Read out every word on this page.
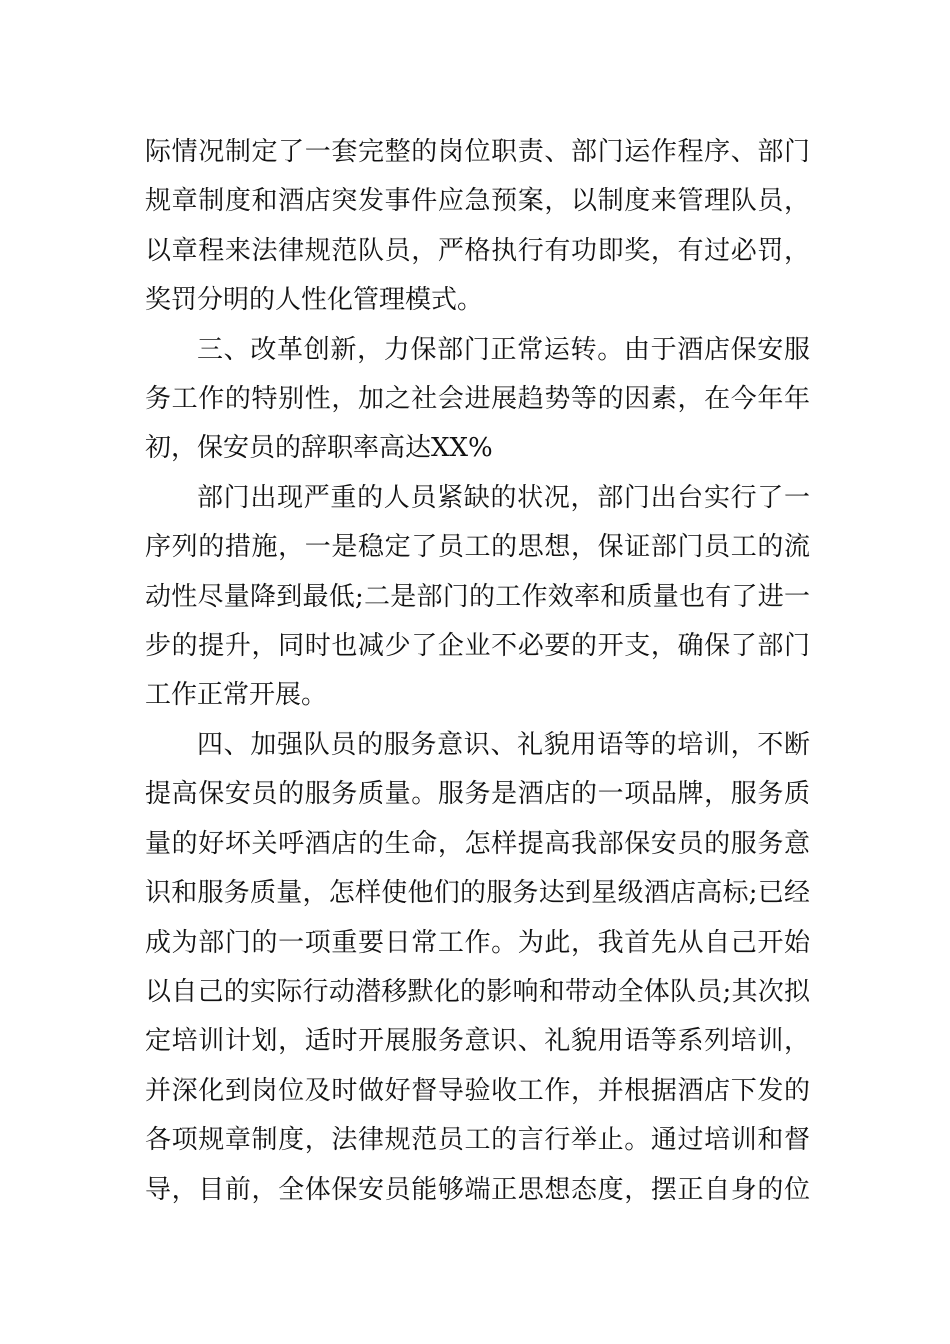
际情况制定了一套完整的岗位职责、部门运作程序、部门
规章制度和酒店突发事件应急预案，以制度来管理队员，
以章程来法律规范队员，严格执行有功即奖，有过必罚，
奖罚分明的人性化管理模式。

三、改革创新，力保部门正常运转。由于酒店保安服
务工作的特别性，加之社会进展趋势等的因素，在今年年
初，保安员的辞职率高达XX%

部门出现严重的人员紧缺的状况，部门出台实行了一
序列的措施，一是稳定了员工的思想，保证部门员工的流
动性尽量降到最低;二是部门的工作效率和质量也有了进一
步的提升，同时也减少了企业不必要的开支，确保了部门
工作正常开展。

四、加强队员的服务意识、礼貌用语等的培训，不断
提高保安员的服务质量。服务是酒店的一项品牌，服务质
量的好坏关呼酒店的生命，怎样提高我部保安员的服务意
识和服务质量，怎样使他们的服务达到星级酒店高标;已经
成为部门的一项重要日常工作。为此，我首先从自己开始
以自己的实际行动潜移默化的影响和带动全体队员;其次拟
定培训计划，适时开展服务意识、礼貌用语等系列培训，
并深化到岗位及时做好督导验收工作，并根据酒店下发的
各项规章制度，法律规范员工的言行举止。通过培训和督
导，目前，全体保安员能够端正思想态度，摆正自身的位
